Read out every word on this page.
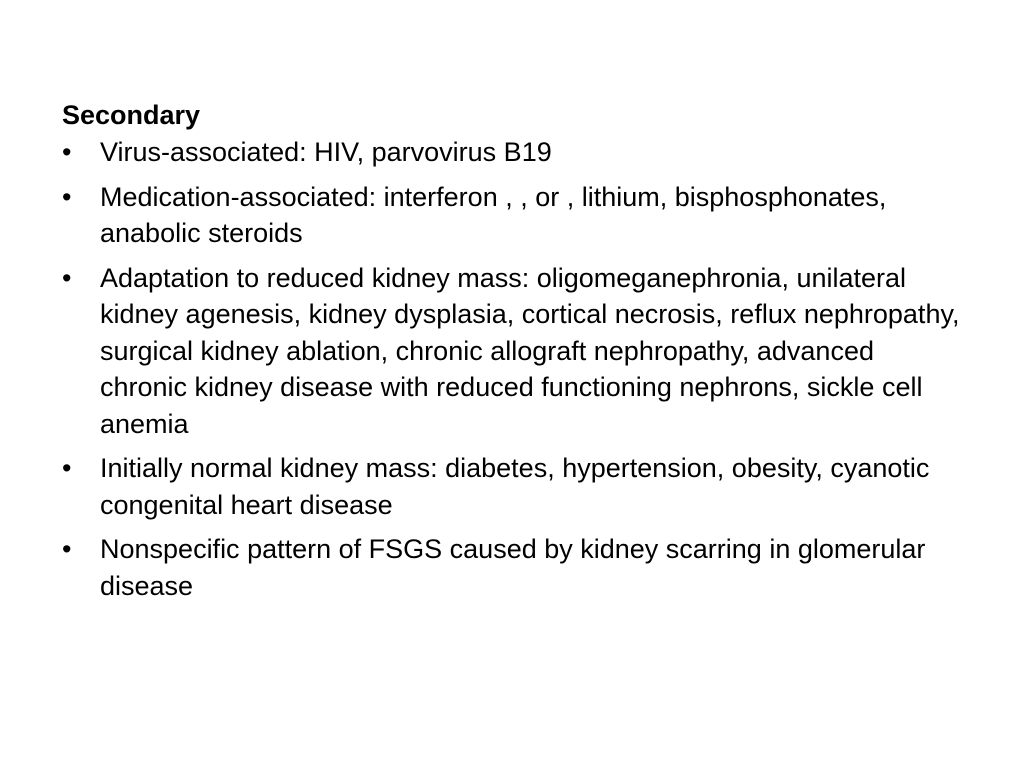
Secondary
•	Virus-associated: HIV, parvovirus B19
•	Medication-associated: interferon , , or , lithium, bisphosphonates, anabolic steroids
•	Adaptation to reduced kidney mass: oligomeganephronia, unilateral kidney agenesis, kidney dysplasia, cortical necrosis, reflux nephropathy, surgical kidney ablation, chronic allograft nephropathy, advanced chronic kidney disease with reduced functioning nephrons, sickle cell anemia
•	Initially normal kidney mass: diabetes, hypertension, obesity, cyanotic congenital heart disease
•	Nonspecific pattern of FSGS caused by kidney scarring in glomerular disease
